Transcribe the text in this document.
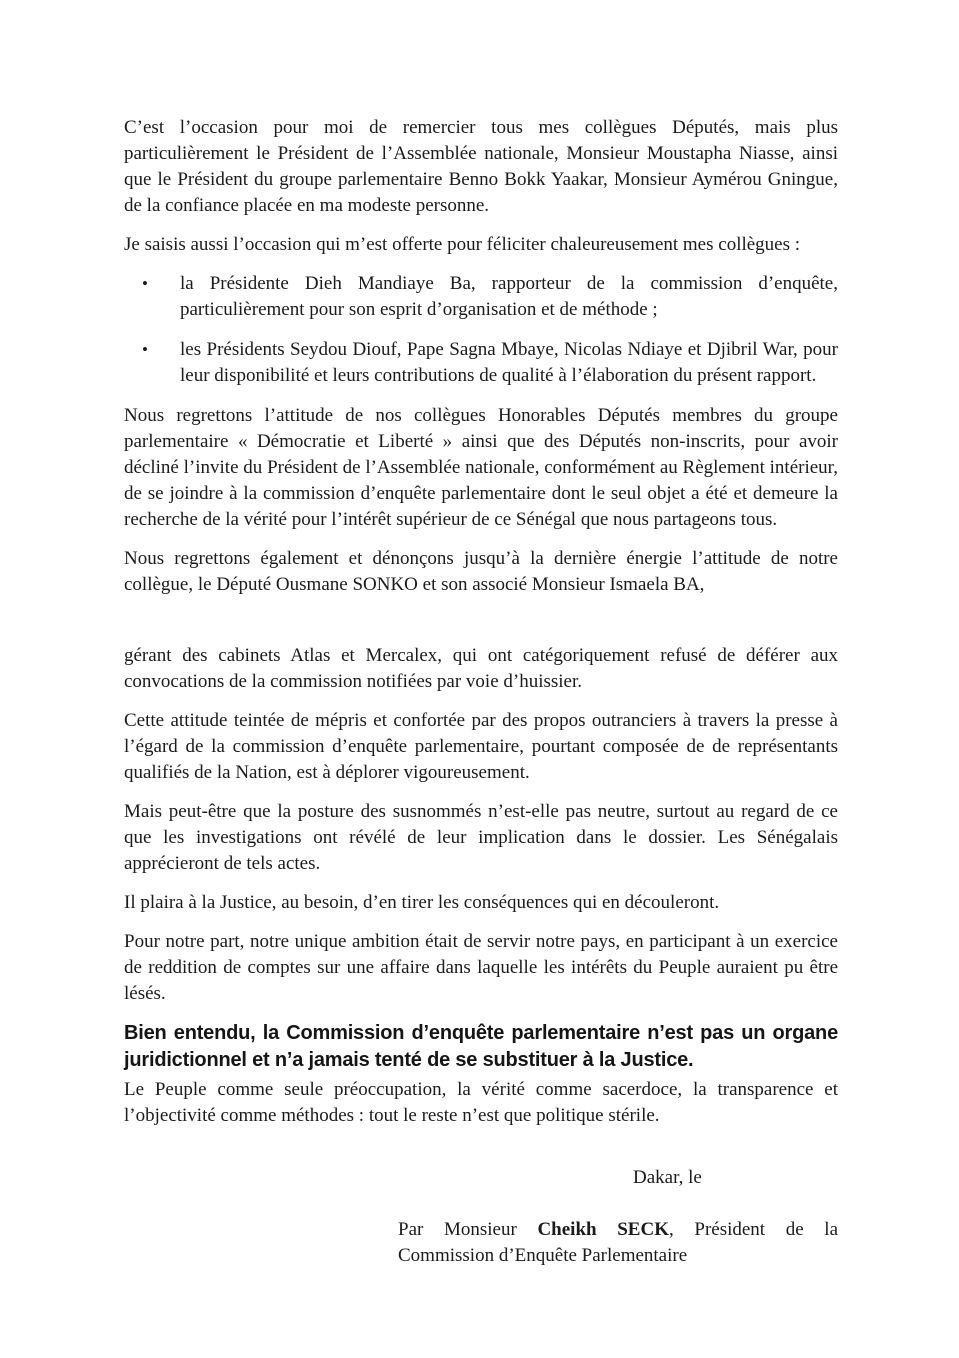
C’est l’occasion pour moi de remercier tous mes collègues Députés, mais plus particulièrement le Président de l’Assemblée nationale, Monsieur Moustapha Niasse, ainsi que le Président du groupe parlementaire Benno Bokk Yaakar, Monsieur Aymérou Gningue, de la confiance placée en ma modeste personne.

Je saisis aussi l’occasion qui m’est offerte pour féliciter chaleureusement mes collègues :

•	la Présidente Dieh Mandiaye Ba, rapporteur de la commission d’enquête, particulièrement pour son esprit d’organisation et de méthode ;
•	les Présidents Seydou Diouf, Pape Sagna Mbaye, Nicolas Ndiaye et Djibril War, pour leur disponibilité et leurs contributions de qualité à l’élaboration du présent rapport.

Nous regrettons l’attitude de nos collègues Honorables Députés membres du groupe parlementaire « Démocratie et Liberté » ainsi que des Députés non-inscrits, pour avoir décliné l’invite du Président de l’Assemblée nationale, conformément au Règlement intérieur, de se joindre à la commission d’enquête parlementaire dont le seul objet a été et demeure la recherche de la vérité pour l’intérêt supérieur de ce Sénégal que nous partageons tous.

Nous regrettons également et dénonçons jusqu’à la dernière énergie l’attitude de notre collègue, le Député Ousmane SONKO et son associé Monsieur Ismaela BA,

gérant des cabinets Atlas et Mercalex, qui ont catégoriquement refusé de déférer aux convocations de la commission notifiées par voie d’huissier.

Cette attitude teintée de mépris et confortée par des propos outranciers à travers la presse à l’égard de la commission d’enquête parlementaire, pourtant composée de de représentants qualifiés de la Nation, est à déplorer vigoureusement.

Mais peut-être que la posture des susnommés n’est-elle pas neutre, surtout au regard de ce que les investigations ont révélé de leur implication dans le dossier. Les Sénégalais apprécieront de tels actes.

Il plaira à la Justice, au besoin, d’en tirer les conséquences qui en découleront.

Pour notre part, notre unique ambition était de servir notre pays, en participant à un exercice de reddition de comptes sur une affaire dans laquelle les intérêts du Peuple auraient pu être lésés.

Bien entendu, la Commission d’enquête parlementaire n’est pas un organe juridictionnel et n’a jamais tenté de se substituer à la Justice.

Le Peuple comme seule préoccupation, la vérité comme sacerdoce, la transparence et l’objectivité comme méthodes : tout le reste n’est que politique stérile.

Dakar, le

Par Monsieur Cheikh SECK, Président de la Commission d’Enquête Parlementaire
